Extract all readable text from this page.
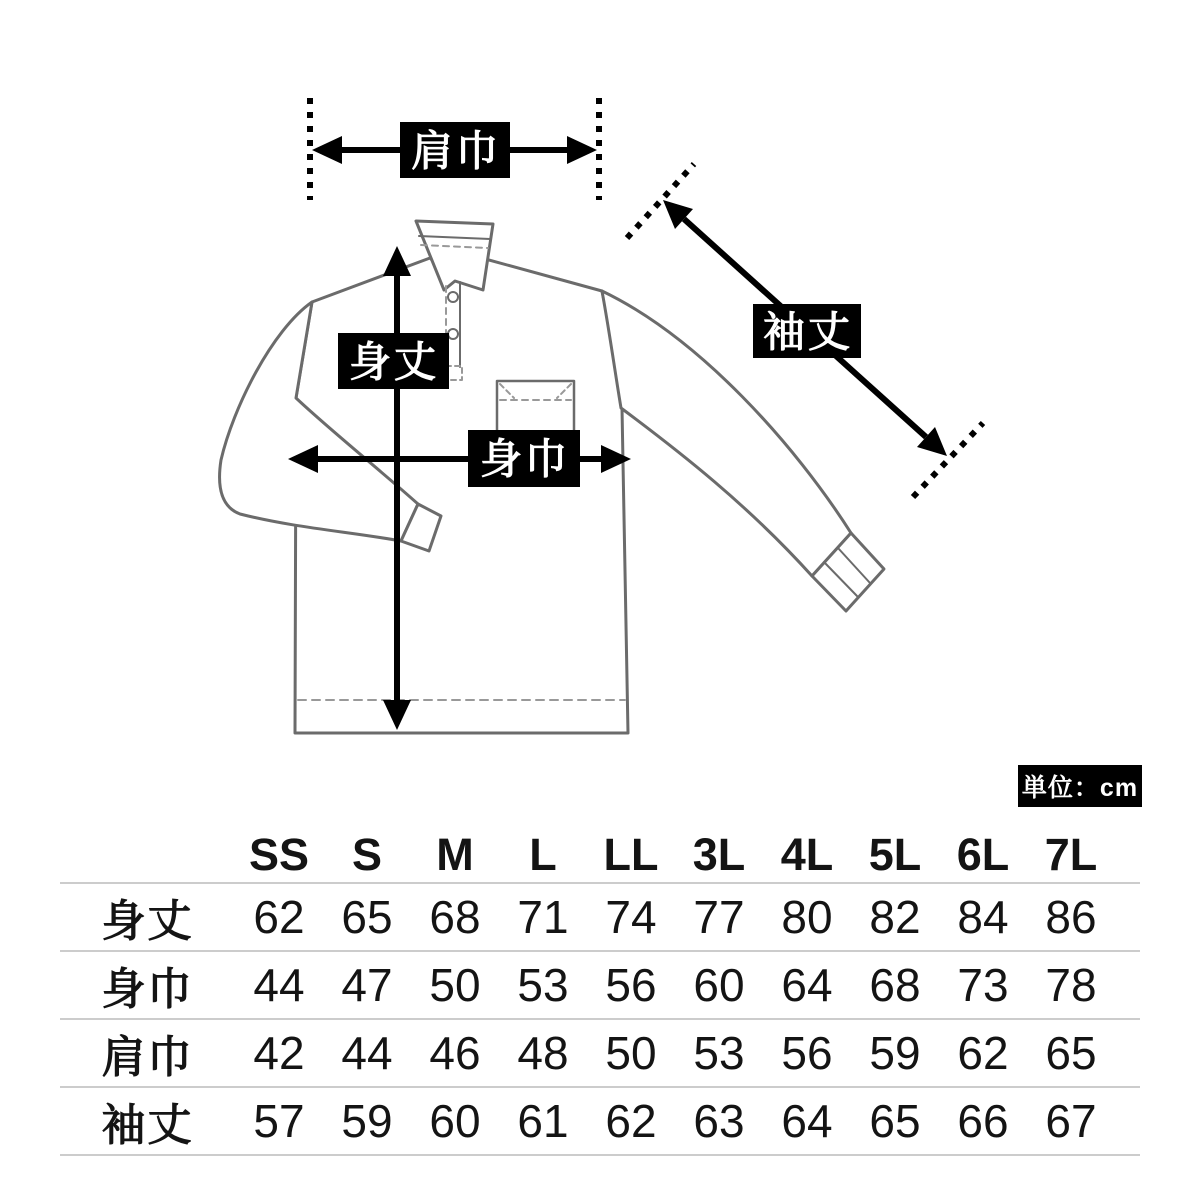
肩巾
身丈
身巾
袖丈
単位：cm
SS S	M	L	LL 3L 4L 5L 6L 7L
身丈	62 65 68 71 74 77 80 82 84 86
身巾	44 47 50 53 56 60 64 68 73 78
肩巾	42 44 46 48 50 53 56 59 62 65
袖丈	57 59 60 61 62 63 64 65 66 67
